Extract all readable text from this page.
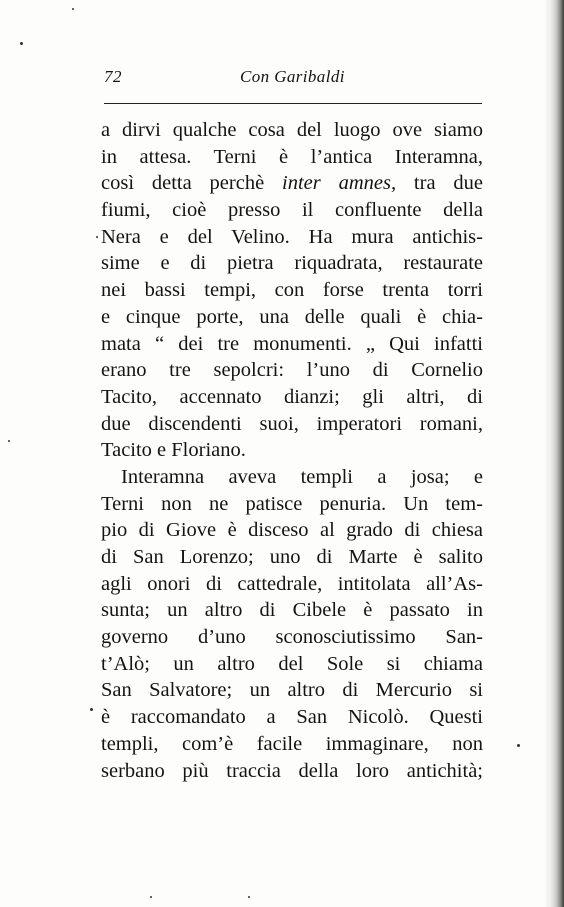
72	Con Garibaldi
a dirvi qualche cosa del luogo ove siamo
in attesa. Terni è l’antica Interamna,
così detta perchè inter amnes, tra due
fiumi, cioè presso il confluente della
Nera e del Velino. Ha mura antichis-
sime e di pietra riquadrata, restaurate
nei bassi tempi, con forse trenta torri
e cinque porte, una delle quali è chia-
mata “ dei tre monumenti. „ Qui infatti
erano tre sepolcri: l’uno di Cornelio
Tacito, accennato dianzi; gli altri, di
due discendenti suoi, imperatori romani,
Tacito e Floriano.
Interamna aveva templi a josa; e
Terni non ne patisce penuria. Un tem-
pio di Giove è disceso al grado di chiesa
di San Lorenzo; uno di Marte è salito
agli onori di cattedrale, intitolata all’As-
sunta; un altro di Cibele è passato in
governo d’uno sconosciutissimo San-
t’Alò; un altro del Sole si chiama
San Salvatore; un altro di Mercurio si
è raccomandato a San Nicolò. Questi
templi, com’è facile immaginare, non
serbano più traccia della loro antichità;
